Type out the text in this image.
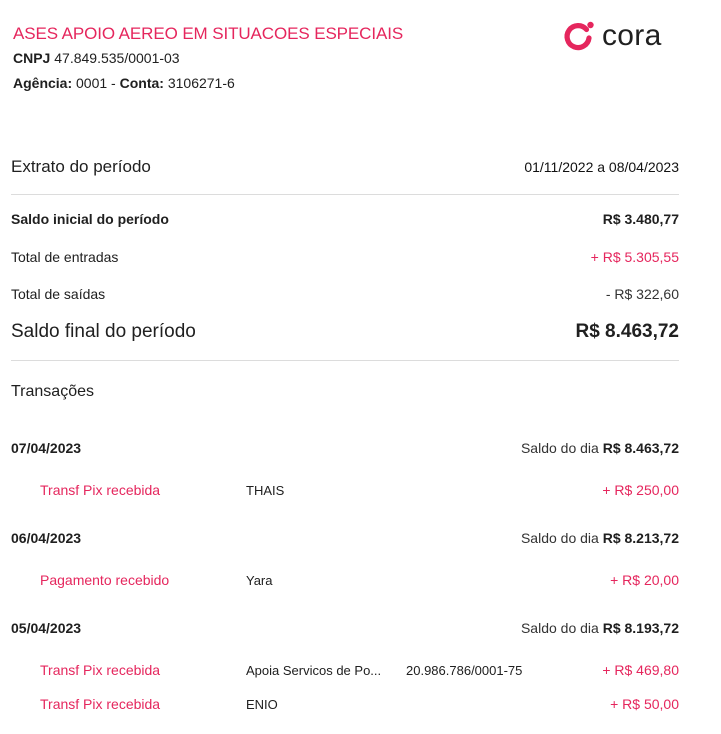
ASES APOIO AEREO EM SITUACOES ESPECIAIS
CNPJ 47.849.535/0001-03
Agência: 0001 - Conta: 3106271-6
cora
Extrato do período	01/11/2022 a 08/04/2023
Saldo inicial do período	R$ 3.480,77
Total de entradas	+ R$ 5.305,55
Total de saídas	- R$ 322,60
Saldo final do período	R$ 8.463,72
Transações
07/04/2023	Saldo do dia R$ 8.463,72
Transf Pix recebida	THAIS	+ R$ 250,00
06/04/2023	Saldo do dia R$ 8.213,72
Pagamento recebido	Yara	+ R$ 20,00
05/04/2023	Saldo do dia R$ 8.193,72
Transf Pix recebida	Apoia Servicos de Po...	20.986.786/0001-75	+ R$ 469,80
Transf Pix recebida	ENIO	+ R$ 50,00
